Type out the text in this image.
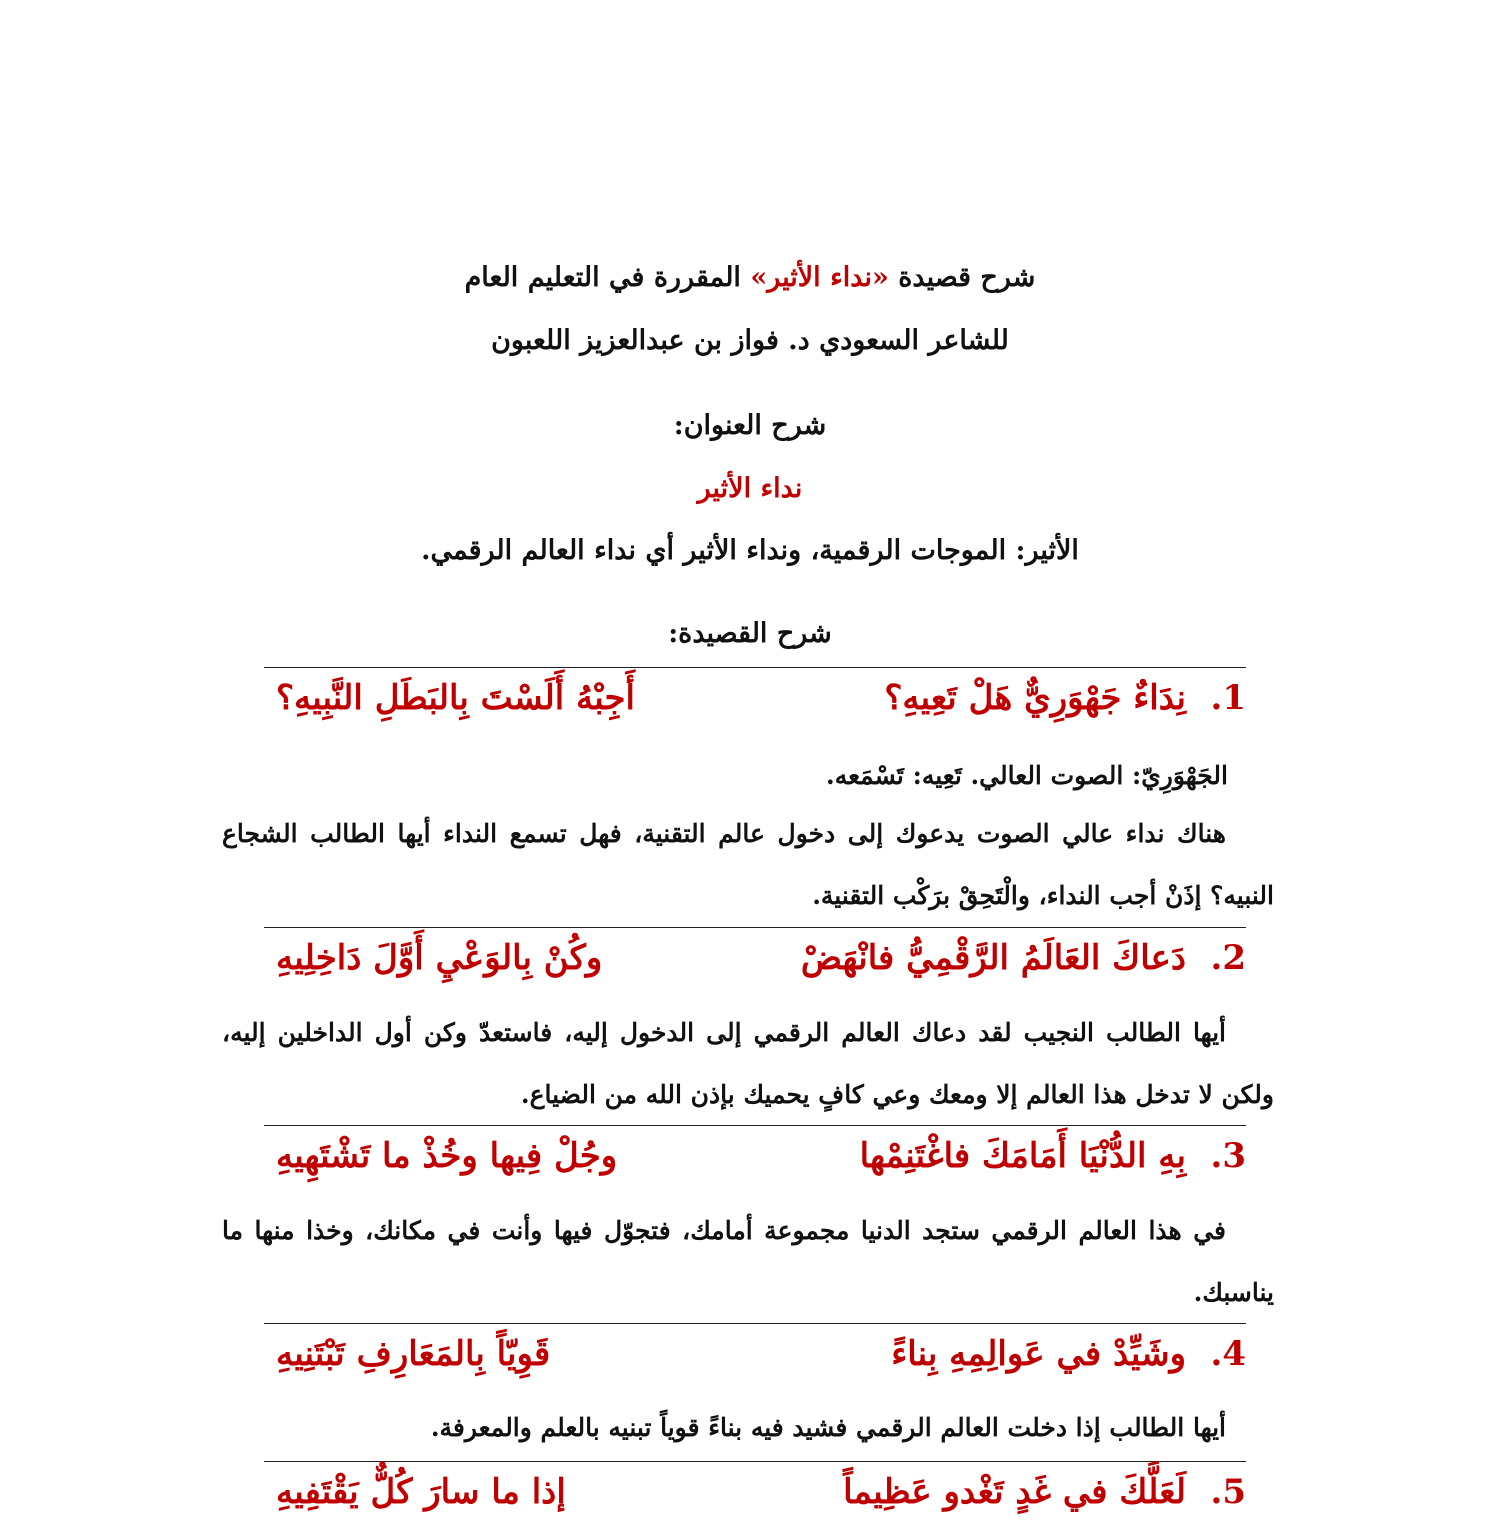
شرح قصيدة «نداء الأثير» المقررة في التعليم العام
للشاعر السعودي د. فواز بن عبدالعزيز اللعبون
شرح العنوان:
نداء الأثير
الأثير: الموجات الرقمية، ونداء الأثير أي نداء العالم الرقمي.
شرح القصيدة:
1.
نِدَاءٌ جَهْوَرِيٌّ هَلْ تَعِيهِ؟
أَجِبْهُ أَلَسْتَ بِالبَطَلِ النَّبِيهِ؟
الجَهْوَرِيّ: الصوت العالي. تَعِيه: تَسْمَعه.
هناك نداء عالي الصوت يدعوك إلى دخول عالم التقنية، فهل تسمع النداء أيها الطالب الشجاع النبيه؟ إذَنْ أجب النداء، والْتَحِقْ برَكْب التقنية.
2.
دَعاكَ العَالَمُ الرَّقْمِيُّ فانْهَضْ
وكُنْ بِالوَعْيِ أَوَّلَ دَاخِلِيهِ
أيها الطالب النجيب لقد دعاك العالم الرقمي إلى الدخول إليه، فاستعدّ وكن أول الداخلين إليه، ولكن لا تدخل هذا العالم إلا ومعك وعي كافٍ يحميك بإذن الله من الضياع.
3.
بِهِ الدُّنْيَا أَمَامَكَ فاغْتَنِمْها
وجُلْ فِيها وخُذْ ما تَشْتَهِيهِ
في هذا العالم الرقمي ستجد الدنيا مجموعة أمامك، فتجوّل فيها وأنت في مكانك، وخذا منها ما يناسبك.
4.
وشَيِّدْ في عَوالِمِهِ بِناءً
قَوِيّاً بِالمَعَارِفِ تَبْتَنِيهِ
أيها الطالب إذا دخلت العالم الرقمي فشيد فيه بناءً قوياً تبنيه بالعلم والمعرفة.
5.
لَعَلَّكَ في غَدٍ تَغْدو عَظِيماً
إذا ما سارَ كُلٌّ يَقْتَفِيهِ
